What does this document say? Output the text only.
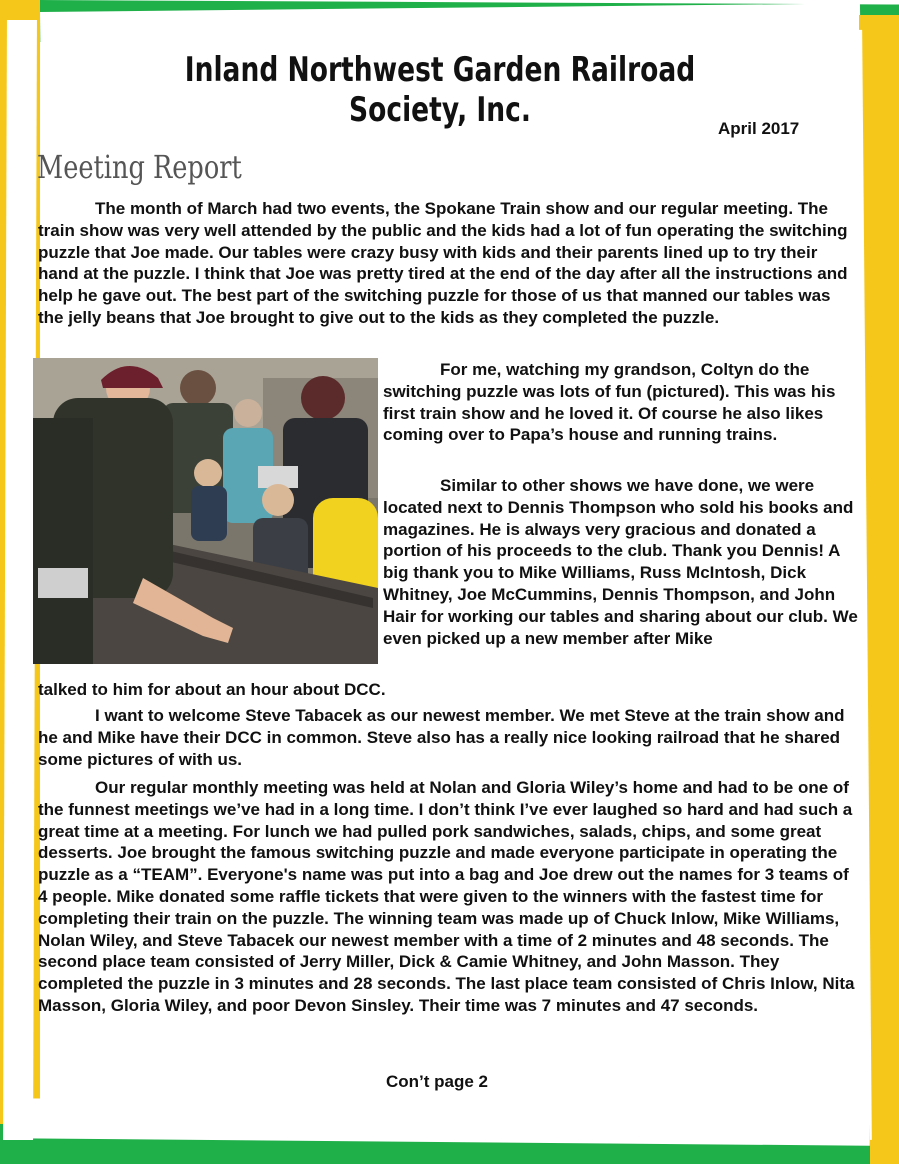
Inland Northwest Garden Railroad Society, Inc.	April 2017
Meeting Report

The month of March had two events, the Spokane Train show and our regular meeting. The train show was very well attended by the public and the kids had a lot of fun operating the switching puzzle that Joe made. Our tables were crazy busy with kids and their parents lined up to try their hand at the puzzle. I think that Joe was pretty tired at the end of the day after all the instructions and help he gave out. The best part of the switching puzzle for those of us that manned our tables was the jelly beans that Joe brought to give out to the kids as they completed the puzzle.

For me, watching my grandson, Coltyn do the switching puzzle was lots of fun (pictured). This was his first train show and he loved it. Of course he also likes coming over to Papa’s house and running trains.

Similar to other shows we have done, we were located next to Dennis Thompson who sold his books and magazines. He is always very gracious and donated a portion of his proceeds to the club. Thank you Dennis! A big thank you to Mike Williams, Russ McIntosh, Dick Whitney, Joe McCummins, Dennis Thompson, and John Hair for working our tables and sharing about our club. We even picked up a new member after Mike

talked to him for about an hour about DCC.

I want to welcome Steve Tabacek as our newest member. We met Steve at the train show and he and Mike have their DCC in common. Steve also has a really nice looking railroad that he shared some pictures of with us.

Our regular monthly meeting was held at Nolan and Gloria Wiley’s home and had to be one of the funnest meetings we’ve had in a long time. I don’t think I’ve ever laughed so hard and had such a great time at a meeting. For lunch we had pulled pork sandwiches, salads, chips, and some great desserts. Joe brought the famous switching puzzle and made everyone participate in operating the puzzle as a “TEAM”. Everyone's name was put into a bag and Joe drew out the names for 3 teams of 4 people. Mike donated some raffle tickets that were given to the winners with the fastest time for completing their train on the puzzle. The winning team was made up of Chuck Inlow, Mike Williams, Nolan Wiley, and Steve Tabacek our newest member with a time of 2 minutes and 48 seconds. The second place team consisted of Jerry Miller, Dick & Camie Whitney, and John Masson. They completed the puzzle in 3 minutes and 28 seconds. The last place team consisted of Chris Inlow, Nita Masson, Gloria Wiley, and poor Devon Sinsley. Their time was 7 minutes and 47 seconds.

Con’t page 2
